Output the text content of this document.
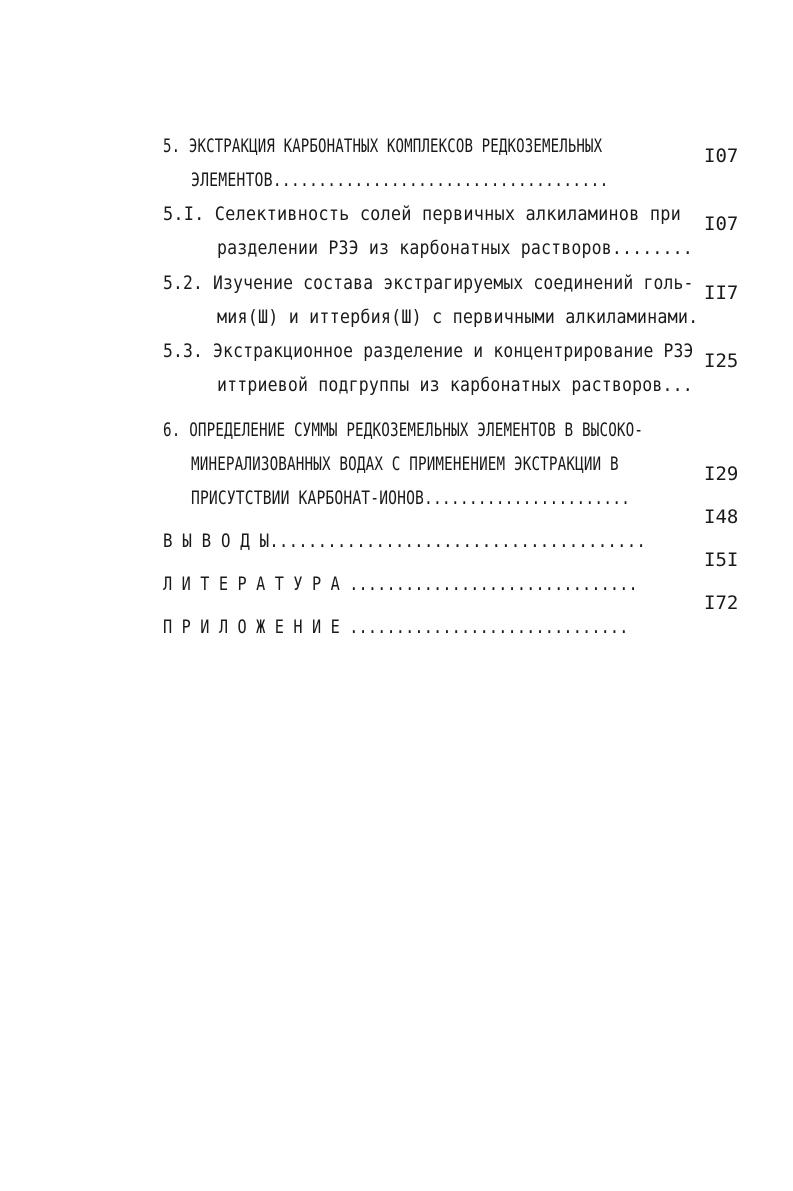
5. ЭКСТРАКЦИЯ КАРБОНАТНЫХ КОМПЛЕКСОВ РЕДКОЗЕМЕЛЬНЫХ

ЭЛЕМЕНТОВ.....................................

I07

5.I. Селективность солей первичных алкиламинов при

разделении РЗЭ из карбонатных растворов........

I07

5.2. Изучение состава экстрагируемых соединений голь-

мия(Ш) и иттербия(Ш) с первичными алкиламинами.

II7

5.3. Экстракционное разделение и концентрирование РЗЭ

иттриевой подгруппы из карбонатных растворов...

I25

6. ОПРЕДЕЛЕНИЕ СУММЫ РЕДКОЗЕМЕЛЬНЫХ ЭЛЕМЕНТОВ В ВЫСОКО-

МИНЕРАЛИЗОВАННЫХ ВОДАХ С ПРИМЕНЕНИЕМ ЭКСТРАКЦИИ В

ПРИСУТСТВИИ КАРБОНАТ-ИОНОВ.......................

I29

В Ы В О Д Ы.......................................

I48

Л И Т Е Р А Т У Р А ...............................

I5I

П Р И Л О Ж Е Н И Е ..............................

I72
